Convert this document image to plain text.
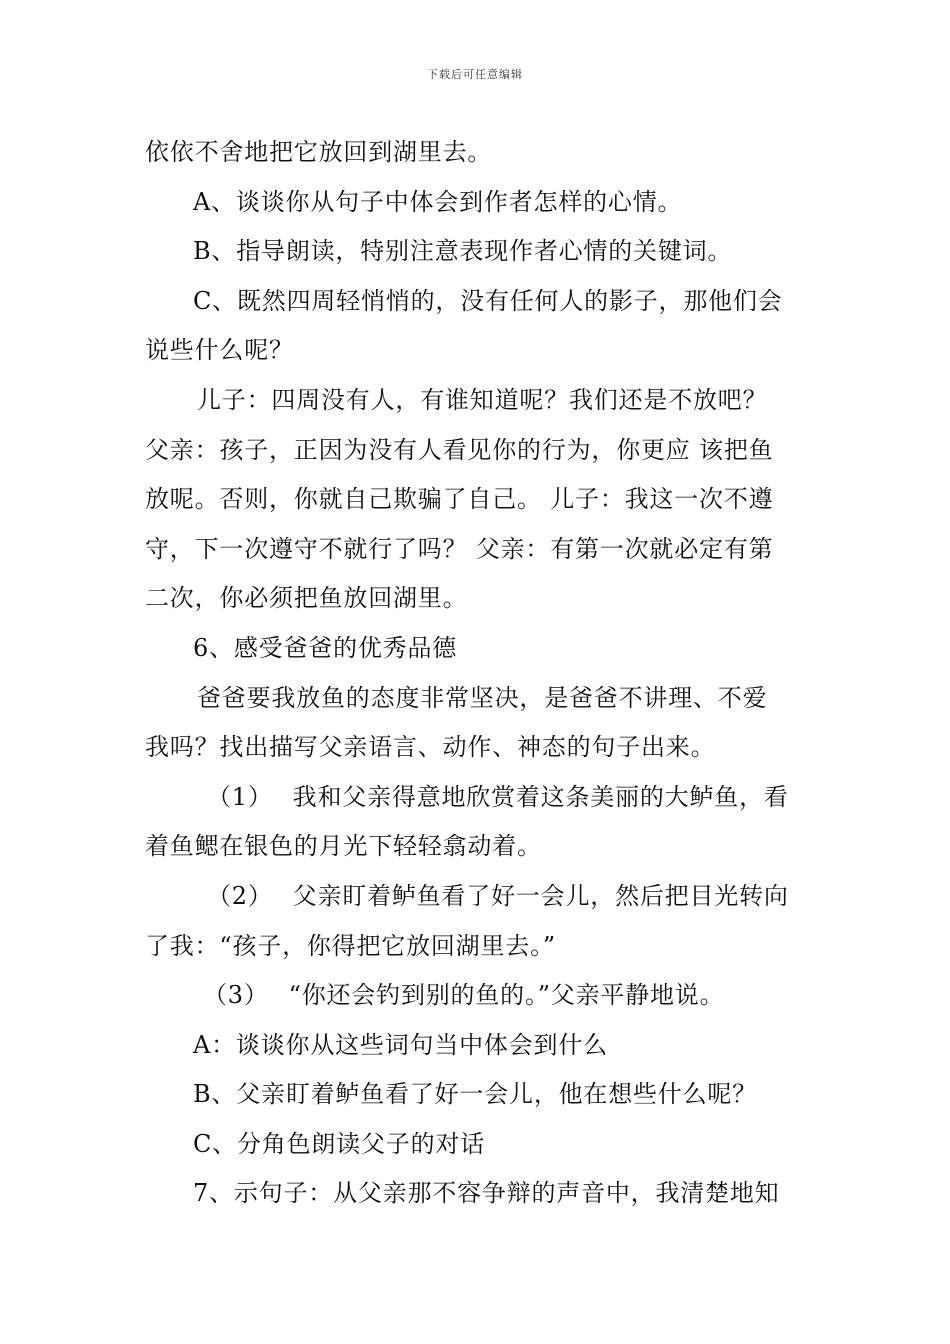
下载后可任意编辑
依依不舍地把它放回到湖里去。
A、谈谈你从句子中体会到作者怎样的心情。
B、指导朗读，特别注意表现作者心情的关键词。
C、既然四周轻悄悄的，没有任何人的影子，那他们会
说些什么呢？
儿子：四周没有人，有谁知道呢？我们还是不放吧？
父亲：孩子，正因为没有人看见你的行为，你更应 该把鱼
放呢。否则，你就自己欺骗了自己。 儿子：我这一次不遵
守，下一次遵守不就行了吗？ 父亲：有第一次就必定有第
二次，你必须把鱼放回湖里。
6、感受爸爸的优秀品德
爸爸要我放鱼的态度非常坚决，是爸爸不讲理、不爱
我吗？找出描写父亲语言、动作、神态的句子出来。
（1） 我和父亲得意地欣赏着这条美丽的大鲈鱼，看
着鱼鳃在银色的月光下轻轻翕动着。
（2） 父亲盯着鲈鱼看了好一会儿，然后把目光转向
了我：“孩子，你得把它放回湖里去。”
（3） “你还会钓到别的鱼的。”父亲平静地说。
A：谈谈你从这些词句当中体会到什么
B、父亲盯着鲈鱼看了好一会儿，他在想些什么呢？
C、分角色朗读父子的对话
7、示句子：从父亲那不容争辩的声音中，我清楚地知
